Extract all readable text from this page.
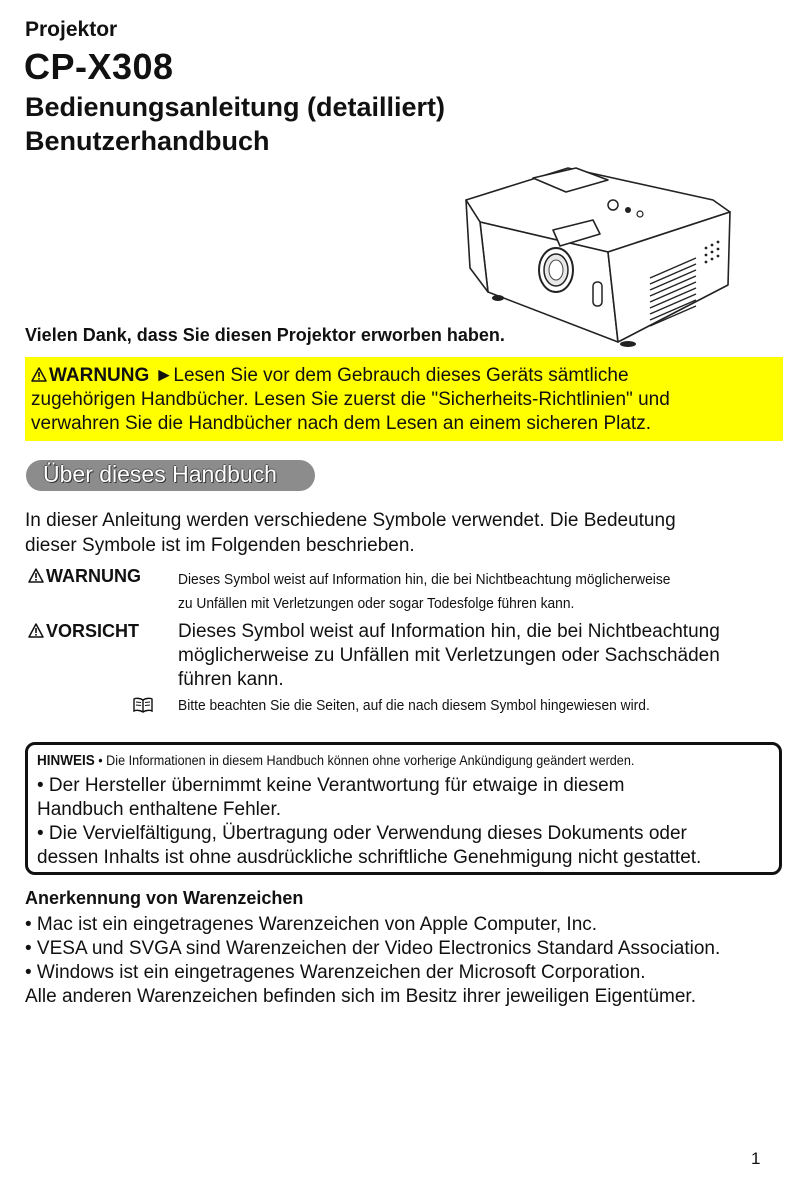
Projektor
CP-X308
Bedienungsanleitung (detailliert)
Benutzerhandbuch
Vielen Dank, dass Sie diesen Projektor erworben haben.
WARNUNG ►Lesen Sie vor dem Gebrauch dieses Geräts sämtliche
zugehörigen Handbücher. Lesen Sie zuerst die "Sicherheits-Richtlinien" und
verwahren Sie die Handbücher nach dem Lesen an einem sicheren Platz.
Über dieses Handbuch
In dieser Anleitung werden verschiedene Symbole verwendet. Die Bedeutung
dieser Symbole ist im Folgenden beschrieben.
WARNUNG Dieses Symbol weist auf Information hin, die bei Nichtbeachtung möglicherweise
zu Unfällen mit Verletzungen oder sogar Todesfolge führen kann.
VORSICHT Dieses Symbol weist auf Information hin, die bei Nichtbeachtung
möglicherweise zu Unfällen mit Verletzungen oder Sachschäden
führen kann.
Bitte beachten Sie die Seiten, auf die nach diesem Symbol hingewiesen wird.
HINWEIS • Die Informationen in diesem Handbuch können ohne vorherige Ankündigung geändert werden.
• Der Hersteller übernimmt keine Verantwortung für etwaige in diesem
Handbuch enthaltene Fehler.
• Die Vervielfältigung, Übertragung oder Verwendung dieses Dokuments oder
dessen Inhalts ist ohne ausdrückliche schriftliche Genehmigung nicht gestattet.
Anerkennung von Warenzeichen
• Mac ist ein eingetragenes Warenzeichen von Apple Computer, Inc.
• VESA und SVGA sind Warenzeichen der Video Electronics Standard Association.
• Windows ist ein eingetragenes Warenzeichen der Microsoft Corporation.
Alle anderen Warenzeichen befinden sich im Besitz ihrer jeweiligen Eigentümer.
1
